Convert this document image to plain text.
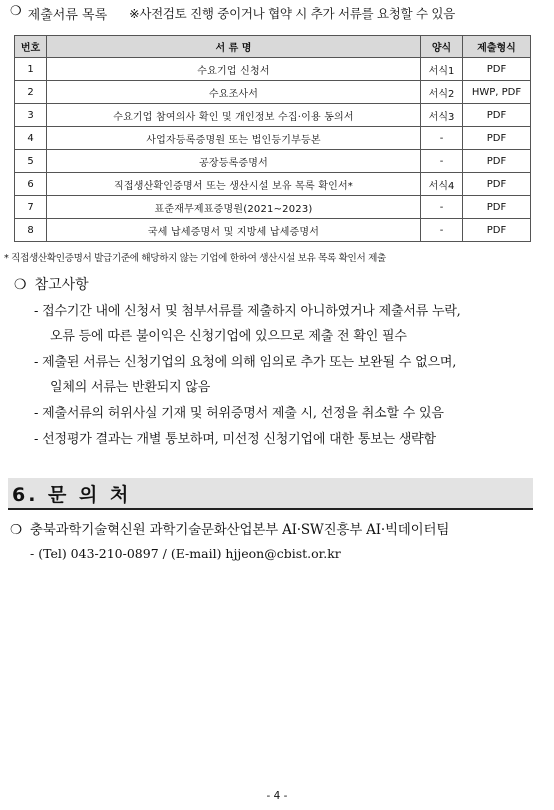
❍ 제출서류 목록 ※사전검토 진행 중이거나 협약 시 추가 서류를 요청할 수 있음
번호	서 류 명	양식	제출형식
1	수요기업 신청서	서식1	PDF
2	수요조사서	서식2	HWP, PDF
3	수요기업 참여의사 확인 및 개인정보 수집·이용 동의서	서식3	PDF
4	사업자등록증명원 또는 법인등기부등본	-	PDF
5	공장등록증명서	-	PDF
6	직접생산확인증명서 또는 생산시설 보유 목록 확인서*	서식4	PDF
7	표준재무제표증명원(2021~2023)	-	PDF
8	국세 납세증명서 및 지방세 납세증명서	-	PDF
* 직접생산확인증명서 발급기준에 해당하지 않는 기업에 한하여 생산시설 보유 목록 확인서 제출
❍ 참고사항
- 접수기간 내에 신청서 및 첨부서류를 제출하지 아니하였거나 제출서류 누락,
오류 등에 따른 불이익은 신청기업에 있으므로 제출 전 확인 필수
- 제출된 서류는 신청기업의 요청에 의해 임의로 추가 또는 보완될 수 없으며,
일체의 서류는 반환되지 않음
- 제출서류의 허위사실 기재 및 허위증명서 제출 시, 선정을 취소할 수 있음
- 선정평가 결과는 개별 통보하며, 미선정 신청기업에 대한 통보는 생략함
6. 문 의 처
❍ 충북과학기술혁신원 과학기술문화산업본부 AI·SW진흥부 AI·빅데이터팀
- (Tel) 043-210-0897 / (E-mail) hjjeon@cbist.or.kr
- 4 -
